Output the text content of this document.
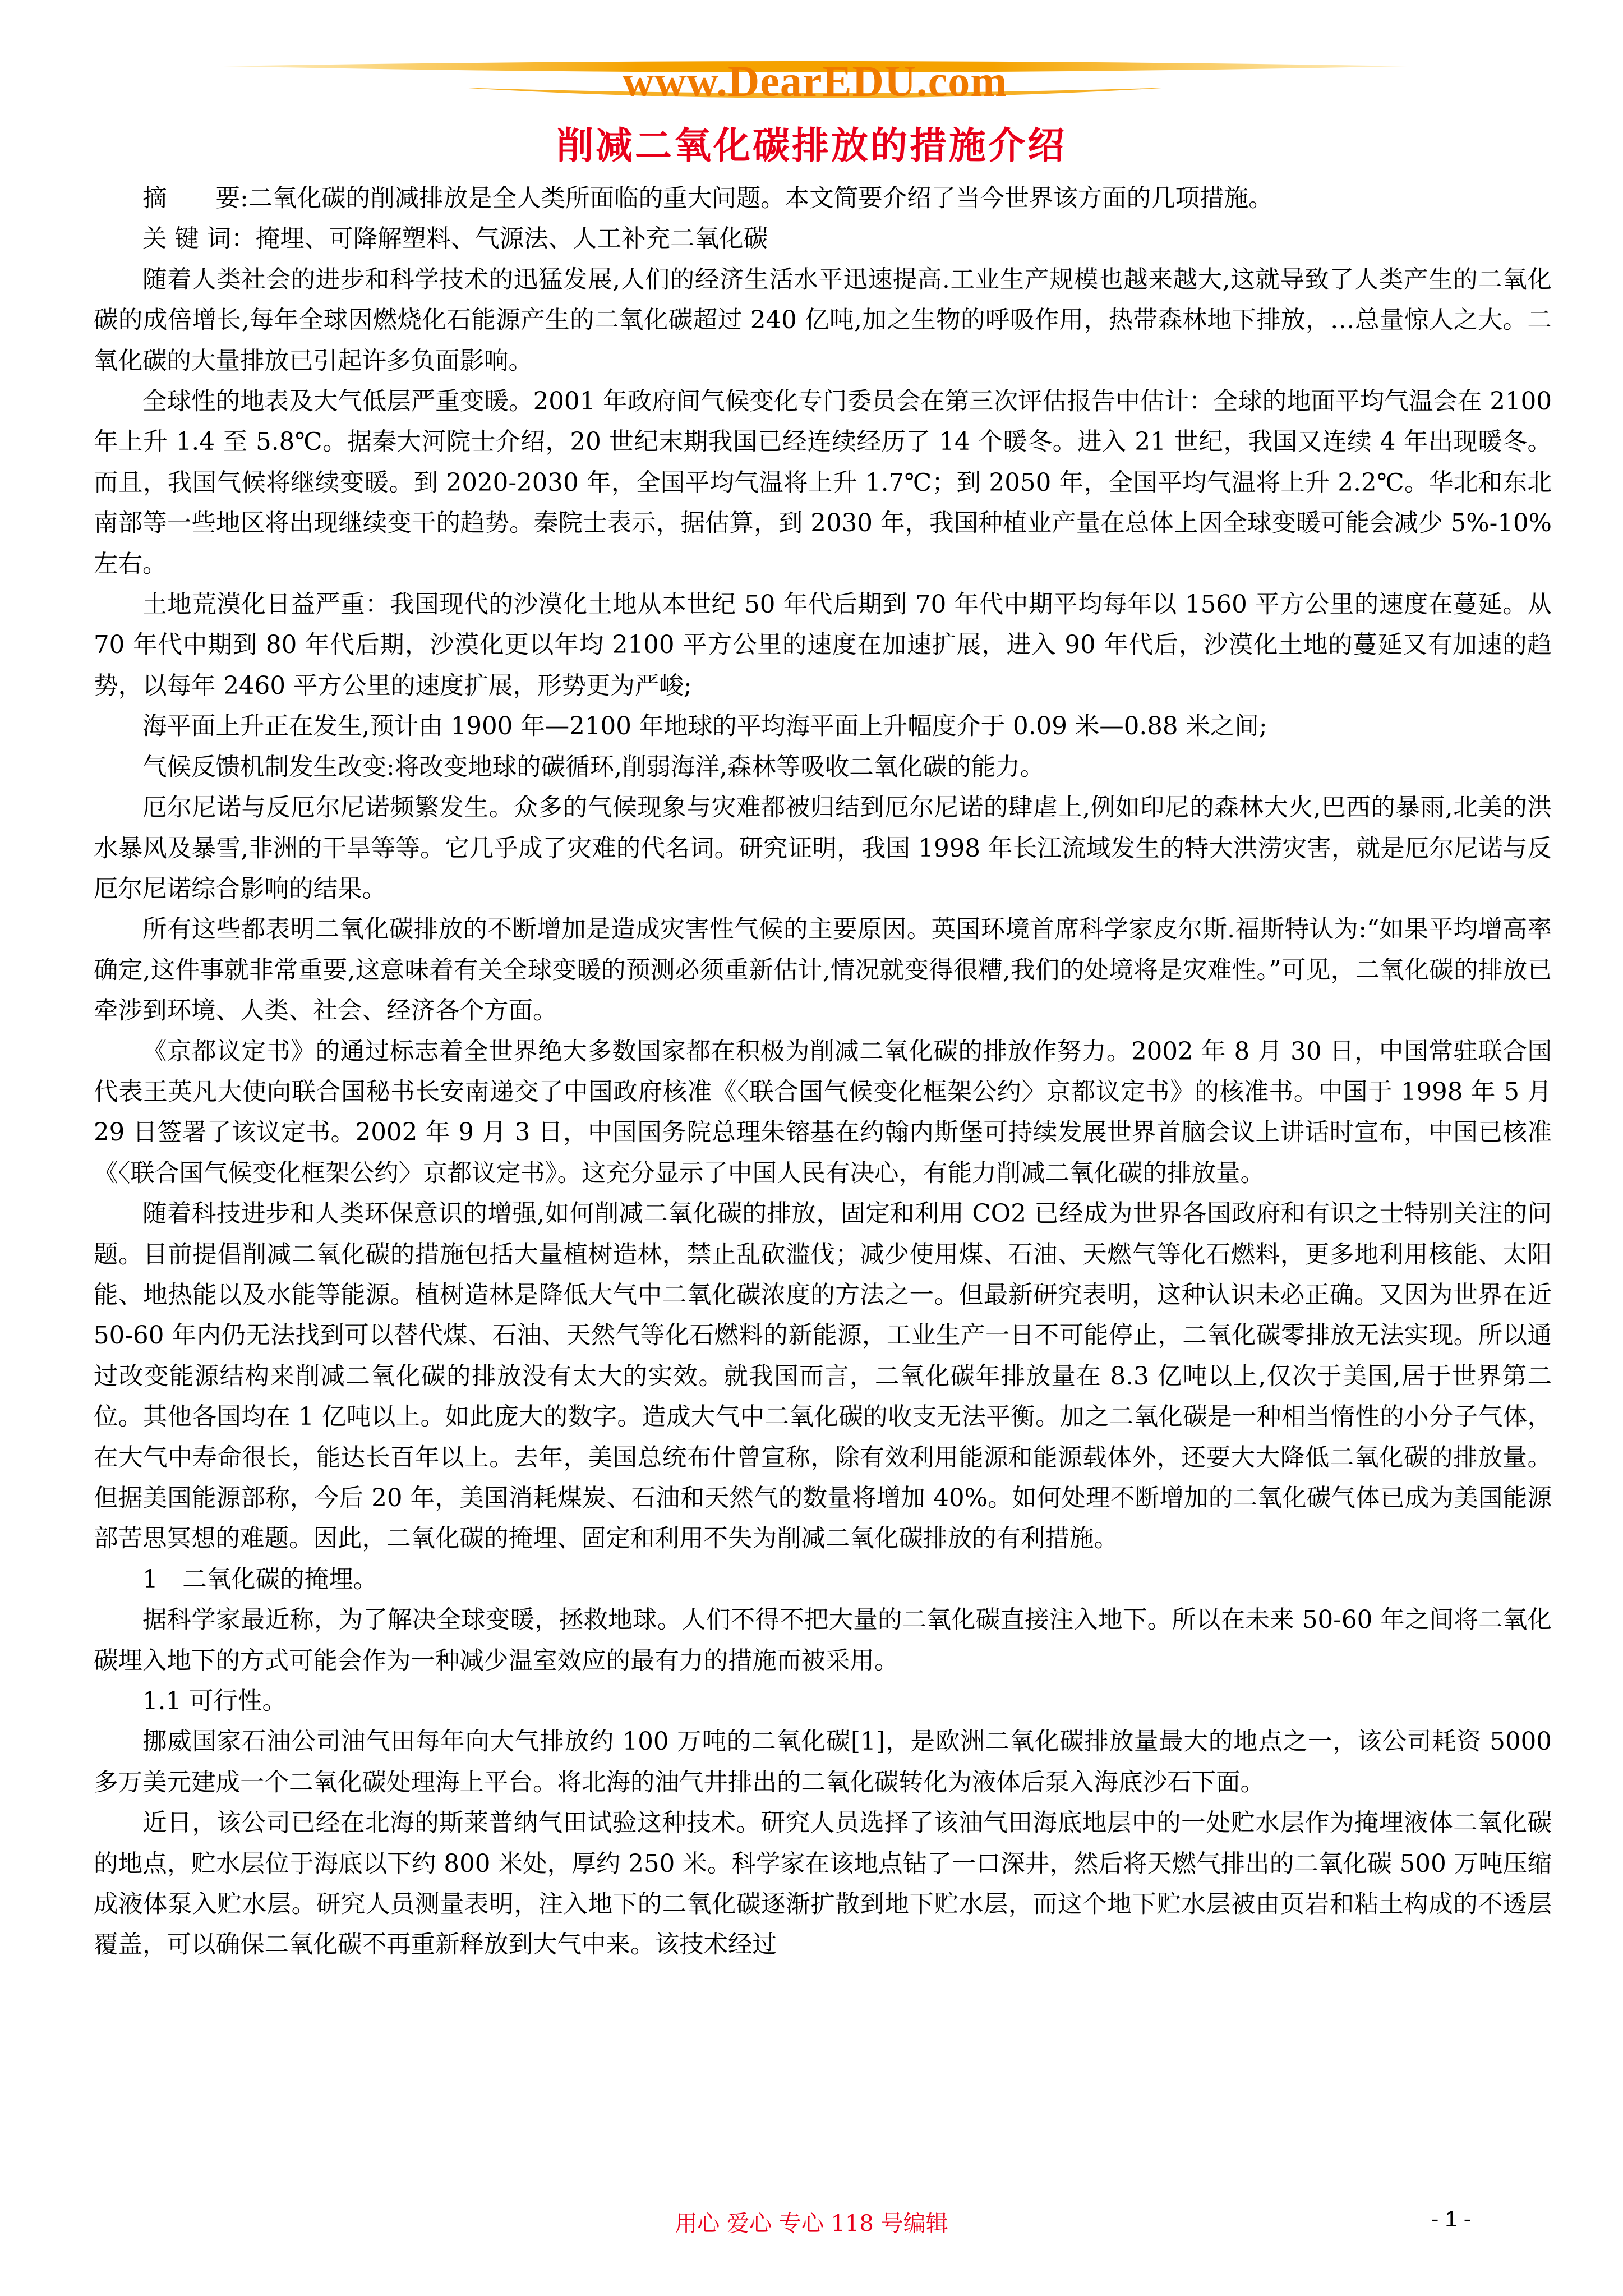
www.DearEDU.com
削减二氧化碳排放的措施介绍

摘　　要:二氧化碳的削减排放是全人类所面临的重大问题。本文简要介绍了当今世界该方面的几项措施。

关 键 词：掩埋、可降解塑料、气源法、人工补充二氧化碳

随着人类社会的进步和科学技术的迅猛发展,人们的经济生活水平迅速提高.工业生产规模也越来越大,这就导致了人类产生的二氧化碳的成倍增长,每年全球因燃烧化石能源产生的二氧化碳超过 240 亿吨,加之生物的呼吸作用，热带森林地下排放，…总量惊人之大。二氧化碳的大量排放已引起许多负面影响。

全球性的地表及大气低层严重变暖。2001 年政府间气候变化专门委员会在第三次评估报告中估计：全球的地面平均气温会在 2100 年上升 1.4 至 5.8℃。据秦大河院士介绍，20 世纪末期我国已经连续经历了 14 个暖冬。进入 21 世纪，我国又连续 4 年出现暖冬。而且，我国气候将继续变暖。到 2020-2030 年，全国平均气温将上升 1.7℃；到 2050 年，全国平均气温将上升 2.2℃。华北和东北南部等一些地区将出现继续变干的趋势。秦院士表示，据估算，到 2030 年，我国种植业产量在总体上因全球变暖可能会减少 5%-10%左右。

土地荒漠化日益严重：我国现代的沙漠化土地从本世纪 50 年代后期到 70 年代中期平均每年以 1560 平方公里的速度在蔓延。从 70 年代中期到 80 年代后期，沙漠化更以年均 2100 平方公里的速度在加速扩展，进入 90 年代后，沙漠化土地的蔓延又有加速的趋势，以每年 2460 平方公里的速度扩展，形势更为严峻;

海平面上升正在发生,预计由 1900 年—2100 年地球的平均海平面上升幅度介于 0.09 米—0.88 米之间;

气候反馈机制发生改变:将改变地球的碳循环,削弱海洋,森林等吸收二氧化碳的能力。

厄尔尼诺与反厄尔尼诺频繁发生。众多的气候现象与灾难都被归结到厄尔尼诺的肆虐上,例如印尼的森林大火,巴西的暴雨,北美的洪水暴风及暴雪,非洲的干旱等等。它几乎成了灾难的代名词。研究证明，我国 1998 年长江流域发生的特大洪涝灾害，就是厄尔尼诺与反厄尔尼诺综合影响的结果。

所有这些都表明二氧化碳排放的不断增加是造成灾害性气候的主要原因。英国环境首席科学家皮尔斯.福斯特认为:“如果平均增高率确定,这件事就非常重要,这意味着有关全球变暖的预测必须重新估计,情况就变得很糟,我们的处境将是灾难性。”可见，二氧化碳的排放已牵涉到环境、人类、社会、经济各个方面。

《京都议定书》的通过标志着全世界绝大多数国家都在积极为削减二氧化碳的排放作努力。2002 年 8 月 30 日，中国常驻联合国代表王英凡大使向联合国秘书长安南递交了中国政府核准《〈联合国气候变化框架公约〉京都议定书》的核准书。中国于 1998 年 5 月 29 日签署了该议定书。2002 年 9 月 3 日，中国国务院总理朱镕基在约翰内斯堡可持续发展世界首脑会议上讲话时宣布，中国已核准《〈联合国气候变化框架公约〉京都议定书》。这充分显示了中国人民有决心，有能力削减二氧化碳的排放量。

随着科技进步和人类环保意识的增强,如何削减二氧化碳的排放，固定和利用 CO2 已经成为世界各国政府和有识之士特别关注的问题。目前提倡削减二氧化碳的措施包括大量植树造林，禁止乱砍滥伐；减少使用煤、石油、天燃气等化石燃料，更多地利用核能、太阳能、地热能以及水能等能源。植树造林是降低大气中二氧化碳浓度的方法之一。但最新研究表明，这种认识未必正确。又因为世界在近 50-60 年内仍无法找到可以替代煤、石油、天然气等化石燃料的新能源，工业生产一日不可能停止，二氧化碳零排放无法实现。所以通过改变能源结构来削减二氧化碳的排放没有太大的实效。就我国而言，二氧化碳年排放量在 8.3 亿吨以上,仅次于美国,居于世界第二位。其他各国均在 1 亿吨以上。如此庞大的数字。造成大气中二氧化碳的收支无法平衡。加之二氧化碳是一种相当惰性的小分子气体，在大气中寿命很长，能达长百年以上。去年，美国总统布什曾宣称，除有效利用能源和能源载体外，还要大大降低二氧化碳的排放量。但据美国能源部称，今后 20 年，美国消耗煤炭、石油和天然气的数量将增加 40%。如何处理不断增加的二氧化碳气体已成为美国能源部苦思冥想的难题。因此，二氧化碳的掩埋、固定和利用不失为削减二氧化碳排放的有利措施。

1　二氧化碳的掩埋。

据科学家最近称，为了解决全球变暖，拯救地球。人们不得不把大量的二氧化碳直接注入地下。所以在未来 50-60 年之间将二氧化碳埋入地下的方式可能会作为一种减少温室效应的最有力的措施而被采用。

1.1 可行性。

挪威国家石油公司油气田每年向大气排放约 100 万吨的二氧化碳[1]，是欧洲二氧化碳排放量最大的地点之一，该公司耗资 5000 多万美元建成一个二氧化碳处理海上平台。将北海的油气井排出的二氧化碳转化为液体后泵入海底沙石下面。

近日，该公司已经在北海的斯莱普纳气田试验这种技术。研究人员选择了该油气田海底地层中的一处贮水层作为掩埋液体二氧化碳的地点，贮水层位于海底以下约 800 米处，厚约 250 米。科学家在该地点钻了一口深井，然后将天燃气排出的二氧化碳 500 万吨压缩成液体泵入贮水层。研究人员测量表明，注入地下的二氧化碳逐渐扩散到地下贮水层，而这个地下贮水层被由页岩和粘土构成的不透层覆盖，可以确保二氧化碳不再重新释放到大气中来。该技术经过

用心 爱心 专心 118 号编辑	- 1 -
